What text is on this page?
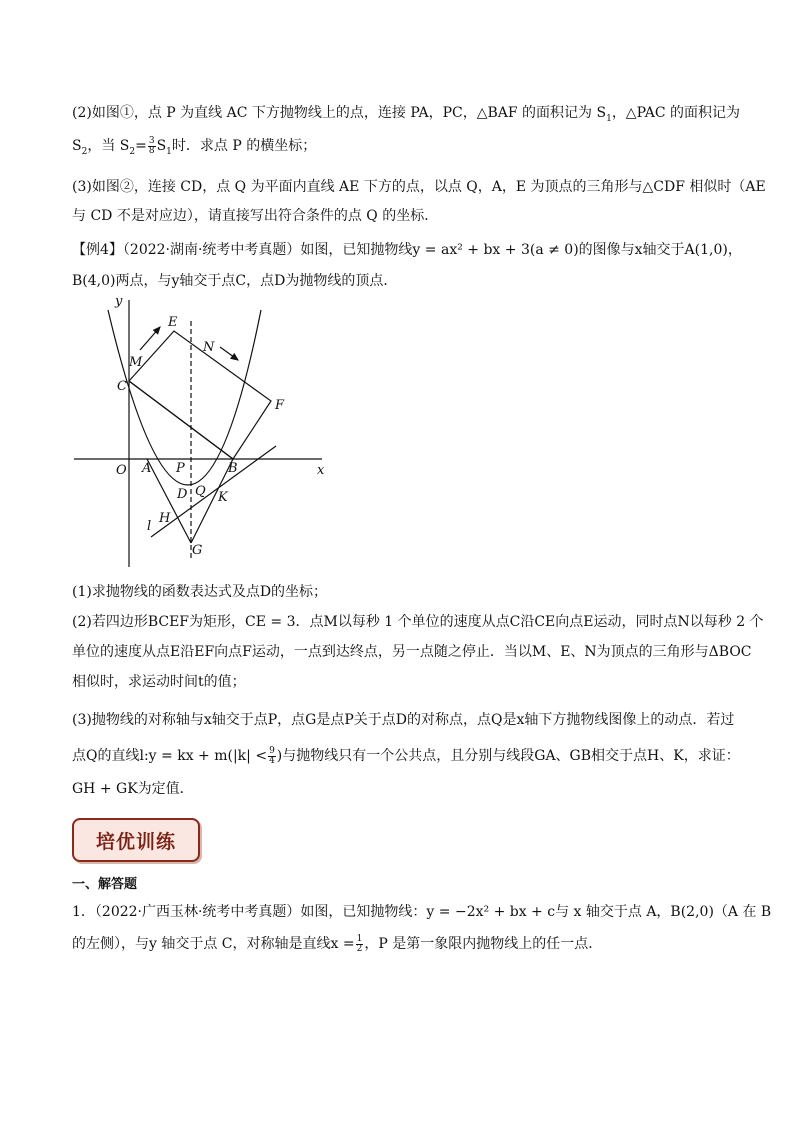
(2)如图①，点 P 为直线 AC 下方抛物线上的点，连接 PA，PC，△BAF 的面积记为 $S_1$，△PAC 的面积记为
$S_2$，当 $S_2= \frac{3}{8} S_1$时．求点 P 的横坐标；
(3)如图②，连接 CD，点 Q 为平面内直线 AE 下方的点，以点 Q，A，E 为顶点的三角形与△CDF 相似时（AE
与 CD 不是对应边），请直接写出符合条件的点 Q 的坐标．
【例4】（2022·湖南·统考中考真题）如图，已知抛物线y = ax² + bx + 3(a ≠ 0)的图像与x轴交于A(1,0)，
B(4,0)两点，与y轴交于点C，点D为抛物线的顶点．
y
x
O A P	B
C
E
M
N
F
D Q K
H
l
G
(1)求抛物线的函数表达式及点D的坐标；
(2)若四边形BCEF为矩形，CE = 3．点M以每秒 1 个单位的速度从点C沿CE向点E运动，同时点N以每秒 2 个
单位的速度从点E沿EF向点F运动，一点到达终点，另一点随之停止．当以M、E、N为顶点的三角形与ΔBOC
相似时，求运动时间t的值；
(3)抛物线的对称轴与x轴交于点P，点G是点P关于点D的对称点，点Q是x轴下方抛物线图像上的动点．若过
点Q的直线l:y = kx + $m(|k| < \frac{9}{4}$ )与抛物线只有一个公共点，且分别与线段GA、GB相交于点H、K，求证：
GH + GK为定值．
培优训练
一、解答题
1．（2022·广西玉林·统考中考真题）如图，已知抛物线：y = −2x² + bx + c与 x 轴交于点 A，B(2,0)（A 在 B
的左侧），与y 轴交于点 C，对称轴是直线$x = \frac{1}{2}$ ，P 是第一象限内抛物线上的任一点．
